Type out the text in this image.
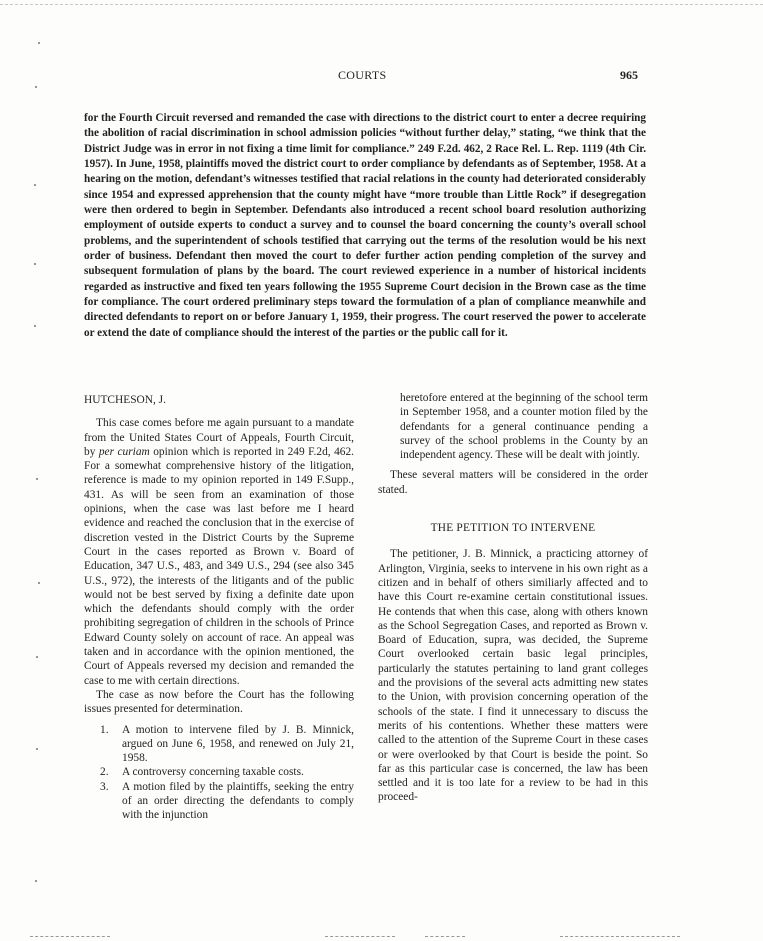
COURTS	965

for the Fourth Circuit reversed and remanded the case with directions to the district court to enter a decree requiring the abolition of racial discrimination in school admission policies “without further delay,” stating, “we think that the District Judge was in error in not fixing a time limit for compliance.” 249 F.2d. 462, 2 Race Rel. L. Rep. 1119 (4th Cir. 1957). In June, 1958, plaintiffs moved the district court to order compliance by defendants as of September, 1958. At a hearing on the motion, defendant’s witnesses testified that racial relations in the county had deteriorated considerably since 1954 and expressed apprehension that the county might have “more trouble than Little Rock” if desegregation were then ordered to begin in September. Defendants also introduced a recent school board resolution authorizing employment of outside experts to conduct a survey and to counsel the board concerning the county’s overall school problems, and the superintendent of schools testified that carrying out the terms of the resolution would be his next order of business. Defendant then moved the court to defer further action pending completion of the survey and subsequent formulation of plans by the board. The court reviewed experience in a number of historical incidents regarded as instructive and fixed ten years following the 1955 Supreme Court decision in the Brown case as the time for compliance. The court ordered preliminary steps toward the formulation of a plan of compliance meanwhile and directed defendants to report on or before January 1, 1959, their progress. The court reserved the power to accelerate or extend the date of compliance should the interest of the parties or the public call for it.

HUTCHESON, J.

This case comes before me again pursuant to a mandate from the United States Court of Appeals, Fourth Circuit, by per curiam opinion which is reported in 249 F.2d, 462. For a somewhat comprehensive history of the litigation, reference is made to my opinion reported in 149 F.Supp., 431. As will be seen from an examination of those opinions, when the case was last before me I heard evidence and reached the conclusion that in the exercise of discretion vested in the District Courts by the Supreme Court in the cases reported as Brown v. Board of Education, 347 U.S., 483, and 349 U.S., 294 (see also 345 U.S., 972), the interests of the litigants and of the public would not be best served by fixing a definite date upon which the defendants should comply with the order prohibiting segregation of children in the schools of Prince Edward County solely on account of race. An appeal was taken and in accordance with the opinion mentioned, the Court of Appeals reversed my decision and remanded the case to me with certain directions.

The case as now before the Court has the following issues presented for determination.

1. A motion to intervene filed by J. B. Minnick, argued on June 6, 1958, and renewed on July 21, 1958.
2. A controversy concerning taxable costs.
3. A motion filed by the plaintiffs, seeking the entry of an order directing the defendants to comply with the injunction

heretofore entered at the beginning of the school term in September 1958, and a counter motion filed by the defendants for a general continuance pending a survey of the school problems in the County by an independent agency. These will be dealt with jointly.

These several matters will be considered in the order stated.

THE PETITION TO INTERVENE

The petitioner, J. B. Minnick, a practicing attorney of Arlington, Virginia, seeks to intervene in his own right as a citizen and in behalf of others similiarly affected and to have this Court re-examine certain constitutional issues. He contends that when this case, along with others known as the School Segregation Cases, and reported as Brown v. Board of Education, supra, was decided, the Supreme Court overlooked certain basic legal principles, particularly the statutes pertaining to land grant colleges and the provisions of the several acts admitting new states to the Union, with provision concerning operation of the schools of the state. I find it unnecessary to discuss the merits of his contentions. Whether these matters were called to the attention of the Supreme Court in these cases or were overlooked by that Court is beside the point. So far as this particular case is concerned, the law has been settled and it is too late for a review to be had in this proceed-
